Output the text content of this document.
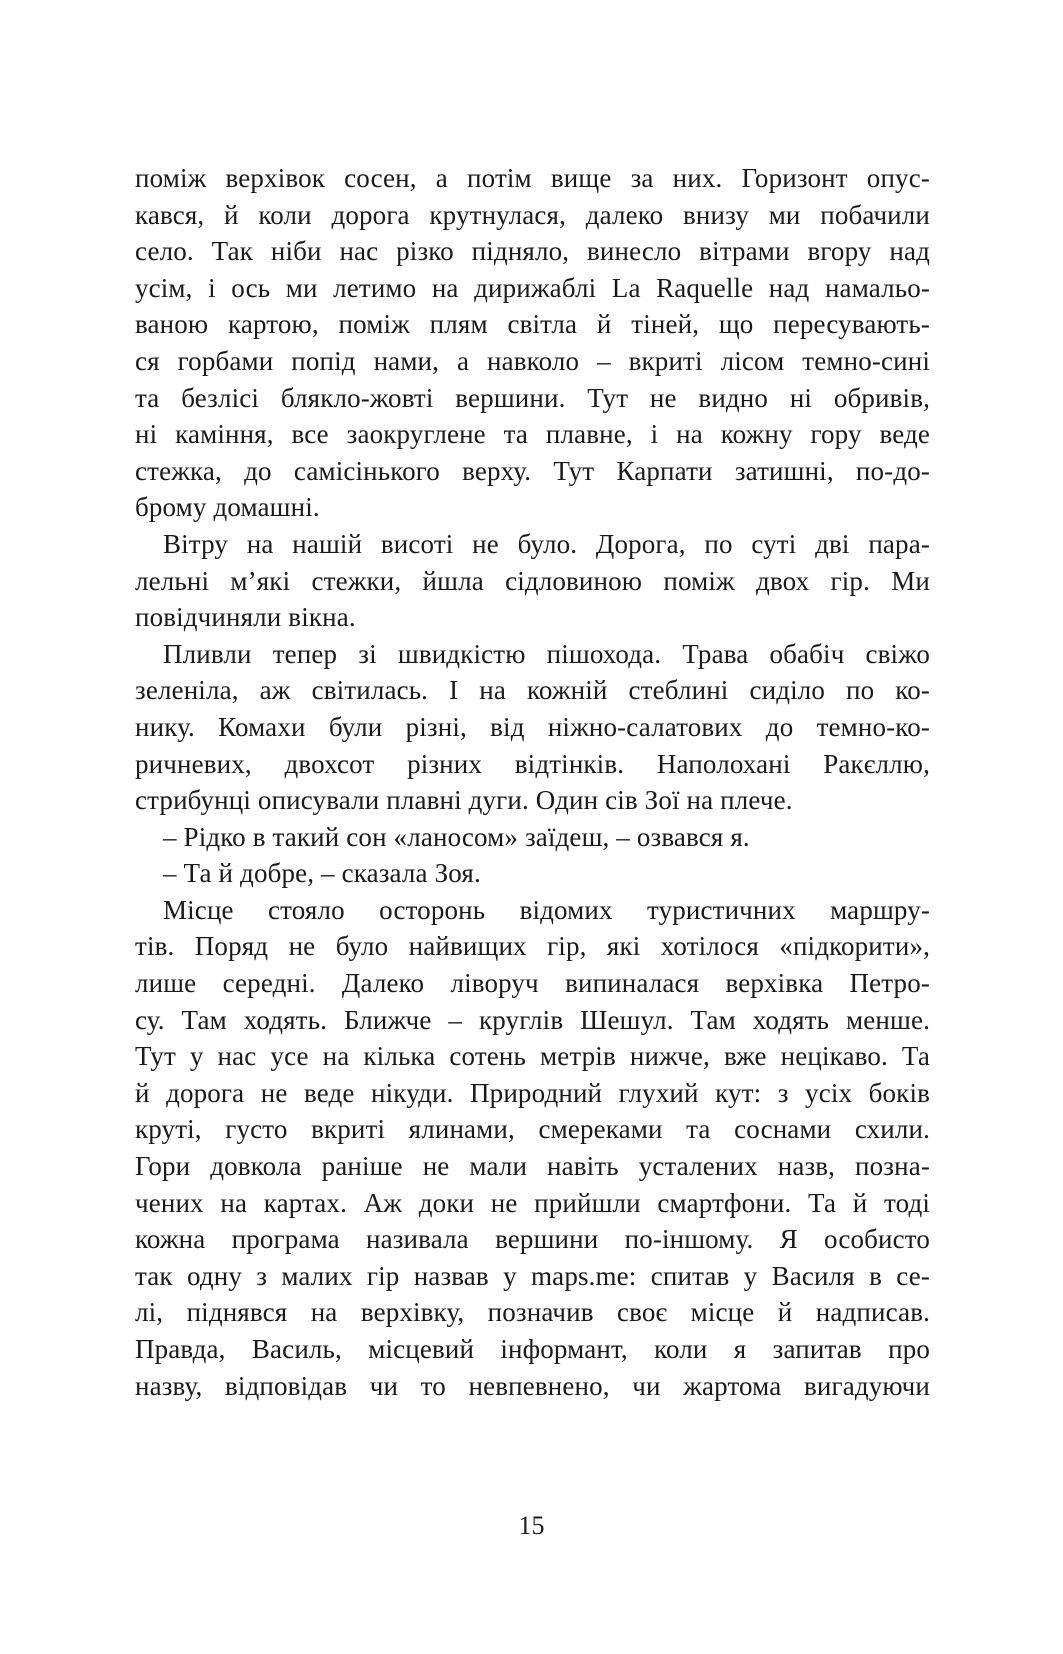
поміж верхівок сосен, а потім вище за них. Горизонт опус-
кався, й коли дорога крутнулася, далеко внизу ми побачили
село. Так ніби нас різко підняло, винесло вітрами вгору над
усім, і ось ми летимо на дирижаблі La Raquelle над намальо-
ваною картою, поміж плям світла й тіней, що пересувають-
ся горбами попід нами, а навколо – вкриті лісом темно-сині
та безлісі блякло-жовті вершини. Тут не видно ні обривів,
ні каміння, все заокруглене та плавне, і на кожну гору веде
стежка, до самісінького верху. Тут Карпати затишні, по-до-
брому домашні.
Вітру на нашій висоті не було. Дорога, по суті дві пара-
лельні м’які стежки, йшла сідловиною поміж двох гір. Ми
повідчиняли вікна.
Пливли тепер зі швидкістю пішохода. Трава обабіч свіжо
зеленіла, аж світилась. І на кожній стеблині сиділо по ко-
нику. Комахи були різні, від ніжно-салатових до темно-ко-
ричневих, двохсот різних відтінків. Наполохані Ракєллю,
стрибунці описували плавні дуги. Один сів Зої на плече.
– Рідко в такий сон «ланосом» заїдеш, – озвався я.
– Та й добре, – сказала Зоя.
Місце стояло осторонь відомих туристичних маршру-
тів. Поряд не було найвищих гір, які хотілося «підкорити»,
лише середні. Далеко ліворуч випиналася верхівка Петро-
су. Там ходять. Ближче – круглів Шешул. Там ходять менше.
Тут у нас усе на кілька сотень метрів нижче, вже нецікаво. Та
й дорога не веде нікуди. Природний глухий кут: з усіх боків
круті, густо вкриті ялинами, смереками та соснами схили.
Гори довкола раніше не мали навіть усталених назв, позна-
чених на картах. Аж доки не прийшли смартфони. Та й тоді
кожна програма називала вершини по-іншому. Я особисто
так одну з малих гір назвав у maps.me: спитав у Василя в се-
лі, піднявся на верхівку, позначив своє місце й надписав.
Правда, Василь, місцевий інформант, коли я запитав про
назву, відповідав чи то невпевнено, чи жартома вигадуючи
15
